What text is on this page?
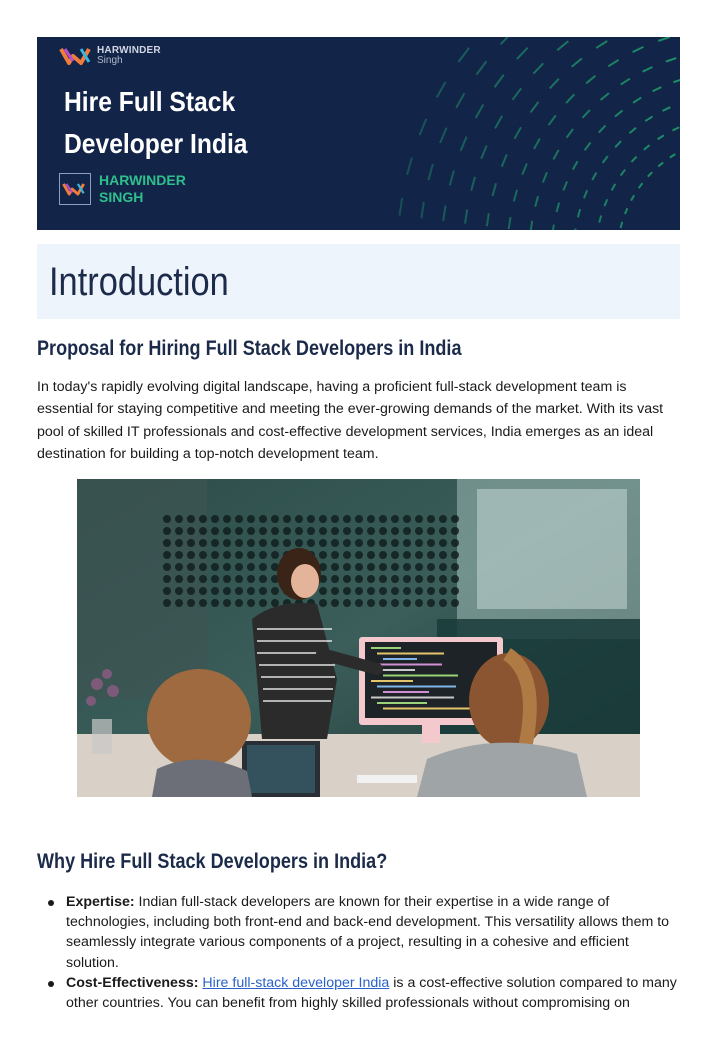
HARWINDER
Singh
Hire Full Stack
Developer India
HARWINDER
SINGH
Introduction
Proposal for Hiring Full Stack Developers in India

In today's rapidly evolving digital landscape, having a proficient full-stack development team is essential for staying competitive and meeting the ever-growing demands of the market. With its vast pool of skilled IT professionals and cost-effective development services, India emerges as an ideal destination for building a top-notch development team.

Why Hire Full Stack Developers in India?
Expertise: Indian full-stack developers are known for their expertise in a wide range of technologies, including both front-end and back-end development. This versatility allows them to seamlessly integrate various components of a project, resulting in a cohesive and efficient solution.
Cost-Effectiveness: Hire full-stack developer India is a cost-effective solution compared to many other countries. You can benefit from highly skilled professionals without compromising on
